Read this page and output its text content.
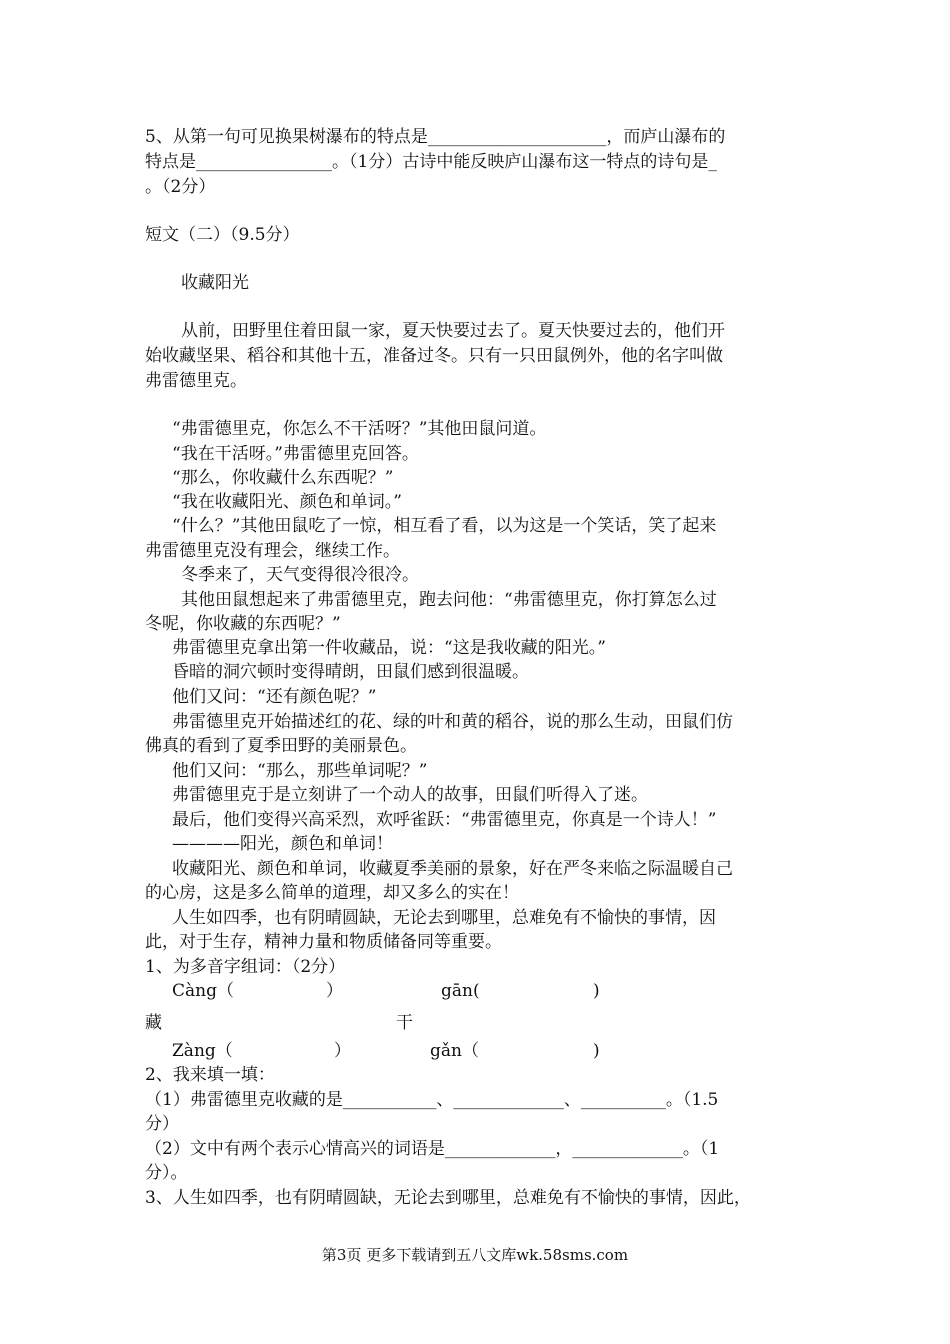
5、从第一句可见换果树瀑布的特点是_____________________，而庐山瀑布的
特点是________________。（1分）古诗中能反映庐山瀑布这一特点的诗句是_
。（2分）
短文（二）（9.5分）
收藏阳光
从前，田野里住着田鼠一家，夏天快要过去了。夏天快要过去的，他们开
始收藏坚果、稻谷和其他十五，准备过冬。只有一只田鼠例外，他的名字叫做
弗雷德里克。
“弗雷德里克，你怎么不干活呀？”其他田鼠问道。
“我在干活呀。”弗雷德里克回答。
“那么，你收藏什么东西呢？”
“我在收藏阳光、颜色和单词。”
“什么？”其他田鼠吃了一惊，相互看了看，以为这是一个笑话，笑了起来
弗雷德里克没有理会，继续工作。
冬季来了，天气变得很冷很冷。
其他田鼠想起来了弗雷德里克，跑去问他：“弗雷德里克，你打算怎么过
冬呢，你收藏的东西呢？”
弗雷德里克拿出第一件收藏品，说：“这是我收藏的阳光。”
昏暗的洞穴顿时变得晴朗，田鼠们感到很温暖。
他们又问：“还有颜色呢？”
弗雷德里克开始描述红的花、绿的叶和黄的稻谷，说的那么生动，田鼠们仿
佛真的看到了夏季田野的美丽景色。
他们又问：“那么，那些单词呢？”
弗雷德里克于是立刻讲了一个动人的故事，田鼠们听得入了迷。
最后，他们变得兴高采烈，欢呼雀跃：“弗雷德里克，你真是一个诗人！”
————阳光，颜色和单词！
收藏阳光、颜色和单词，收藏夏季美丽的景象，好在严冬来临之际温暖自己
的心房，这是多么简单的道理，却又多么的实在！
人生如四季，也有阴晴圆缺，无论去到哪里，总难免有不愉快的事情，因
此，对于生存，精神力量和物质储备同等重要。
1、为多音字组词：（2分）
Càng（	）	gān(	)
藏	干
Zàng（	）	gǎn（	)
2、我来填一填：
（1）弗雷德里克收藏的是___________、_____________、__________。（1.5
分）
（2）文中有两个表示心情高兴的词语是_____________，_____________。（1
分）。
3、人生如四季，也有阴晴圆缺，无论去到哪里，总难免有不愉快的事情，因此，
第3页 更多下载请到五八文库wk.58sms.com
